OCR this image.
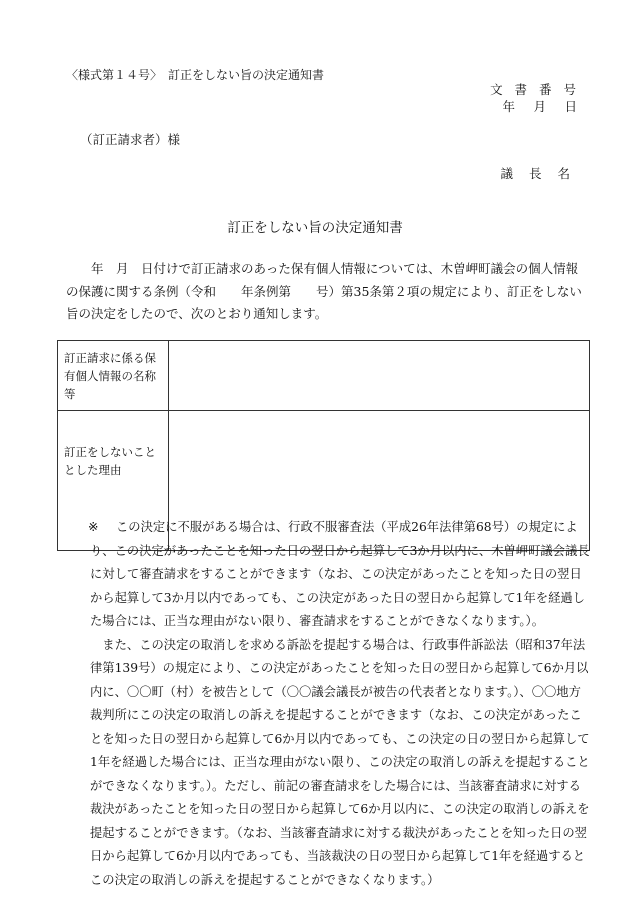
〈様式第１４号〉　訂正をしない旨の決定通知書
文 書 番 号
年　月　日
（訂正請求者）様
議 長 名
訂正をしない旨の決定通知書

年　月　日付けで訂正請求のあった保有個人情報については、木曽岬町議会の個人情報の保護に関する条例（令和　　年条例第　　号）第35条第２項の規定により、訂正をしない旨の決定をしたので、次のとおり通知します。

訂正請求に係る保有個人情報の名称等	
訂正をしないこととした理由	

※ この決定に不服がある場合は、行政不服審査法（平成26年法律第68号）の規定により、この決定があったことを知った日の翌日から起算して3か月以内に、木曽岬町議会議長に対して審査請求をすることができます（なお、この決定があったことを知った日の翌日から起算して3か月以内であっても、この決定があった日の翌日から起算して1年を経過した場合には、正当な理由がない限り、審査請求をすることができなくなります。）。

また、この決定の取消しを求める訴訟を提起する場合は、行政事件訴訟法（昭和37年法律第139号）の規定により、この決定があったことを知った日の翌日から起算して6か月以内に、〇〇町（村）を被告として（〇〇議会議長が被告の代表者となります。）、〇〇地方裁判所にこの決定の取消しの訴えを提起することができます（なお、この決定があったことを知った日の翌日から起算して6か月以内であっても、この決定の日の翌日から起算して1年を経過した場合には、正当な理由がない限り、この決定の取消しの訴えを提起することができなくなります。）。ただし、前記の審査請求をした場合には、当該審査請求に対する裁決があったことを知った日の翌日から起算して6か月以内に、この決定の取消しの訴えを提起することができます。（なお、当該審査請求に対する裁決があったことを知った日の翌日から起算して6か月以内であっても、当該裁決の日の翌日から起算して1年を経過するとこの決定の取消しの訴えを提起することができなくなります。）
